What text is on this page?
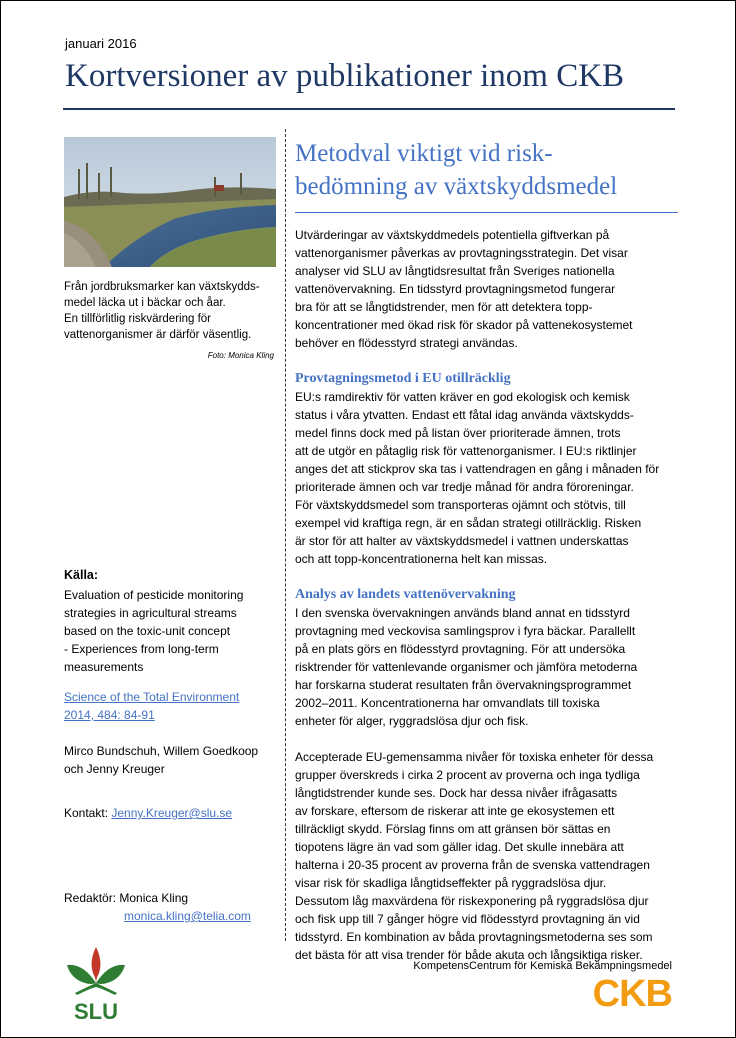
januari 2016
Kortversioner av publikationer inom CKB
Från jordbruksmarker kan växtskydds-
medel läcka ut i bäckar och åar.
En tillförlitlig riskvärdering för
vattenorganismer är därför väsentlig.
Foto: Monica Kling
Källa:
Evaluation of pesticide monitoring
strategies in agricultural streams
based on the toxic-unit concept
- Experiences from long-term
measurements
Science of the Total Environment
2014, 484: 84-91
Mirco Bundschuh, Willem Goedkoop
och Jenny Kreuger
Kontakt: Jenny.Kreuger@slu.se
Redaktör: Monica Kling
monica.kling@telia.com
Metodval viktigt vid risk-
bedömning av växtskyddsmedel

Utvärderingar av växtskyddmedels potentiella giftverkan på
vattenorganismer påverkas av provtagningsstrategin. Det visar
analyser vid SLU av långtidsresultat från Sveriges nationella
vattenövervakning. En tidsstyrd provtagningsmetod fungerar
bra för att se långtidstrender, men för att detektera topp-
koncentrationer med ökad risk för skador på vattenekosystemet
behöver en flödesstyrd strategi användas.

Provtagningsmetod i EU otillräcklig

EU:s ramdirektiv för vatten kräver en god ekologisk och kemisk
status i våra ytvatten. Endast ett fåtal idag använda växtskydds-
medel finns dock med på listan över prioriterade ämnen, trots
att de utgör en påtaglig risk för vattenorganismer. I EU:s riktlinjer
anges det att stickprov ska tas i vattendragen en gång i månaden för
prioriterade ämnen och var tredje månad för andra föroreningar.
För växtskyddsmedel som transporteras ojämnt och stötvis, till
exempel vid kraftiga regn, är en sådan strategi otillräcklig. Risken
är stor för att halter av växtskyddsmedel i vattnen underskattas
och att topp-koncentrationerna helt kan missas.

Analys av landets vattenövervakning

I den svenska övervakningen används bland annat en tidsstyrd
provtagning med veckovisa samlingsprov i fyra bäckar. Parallellt
på en plats görs en flödesstyrd provtagning. För att undersöka
risktrender för vattenlevande organismer och jämföra metoderna
har forskarna studerat resultaten från övervakningsprogrammet
2002–2011. Koncentrationerna har omvandlats till toxiska
enheter för alger, ryggradslösa djur och fisk.

Accepterade EU-gemensamma nivåer för toxiska enheter för dessa
grupper överskreds i cirka 2 procent av proverna och inga tydliga
långtidstrender kunde ses. Dock har dessa nivåer ifrågasatts
av forskare, eftersom de riskerar att inte ge ekosystemen ett
tillräckligt skydd. Förslag finns om att gränsen bör sättas en
tiopotens lägre än vad som gäller idag. Det skulle innebära att
halterna i 20-35 procent av proverna från de svenska vattendragen
visar risk för skadliga långtidseffekter på ryggradslösa djur.
Dessutom låg maxvärdena för riskexponering på ryggradslösa djur
och fisk upp till 7 gånger högre vid flödesstyrd provtagning än vid
tidsstyrd. En kombination av båda provtagningsmetoderna ses som
det bästa för att visa trender för både akuta och långsiktiga risker.

SLU
KompetensCentrum för Kemiska Bekämpningsmedel
CKB
